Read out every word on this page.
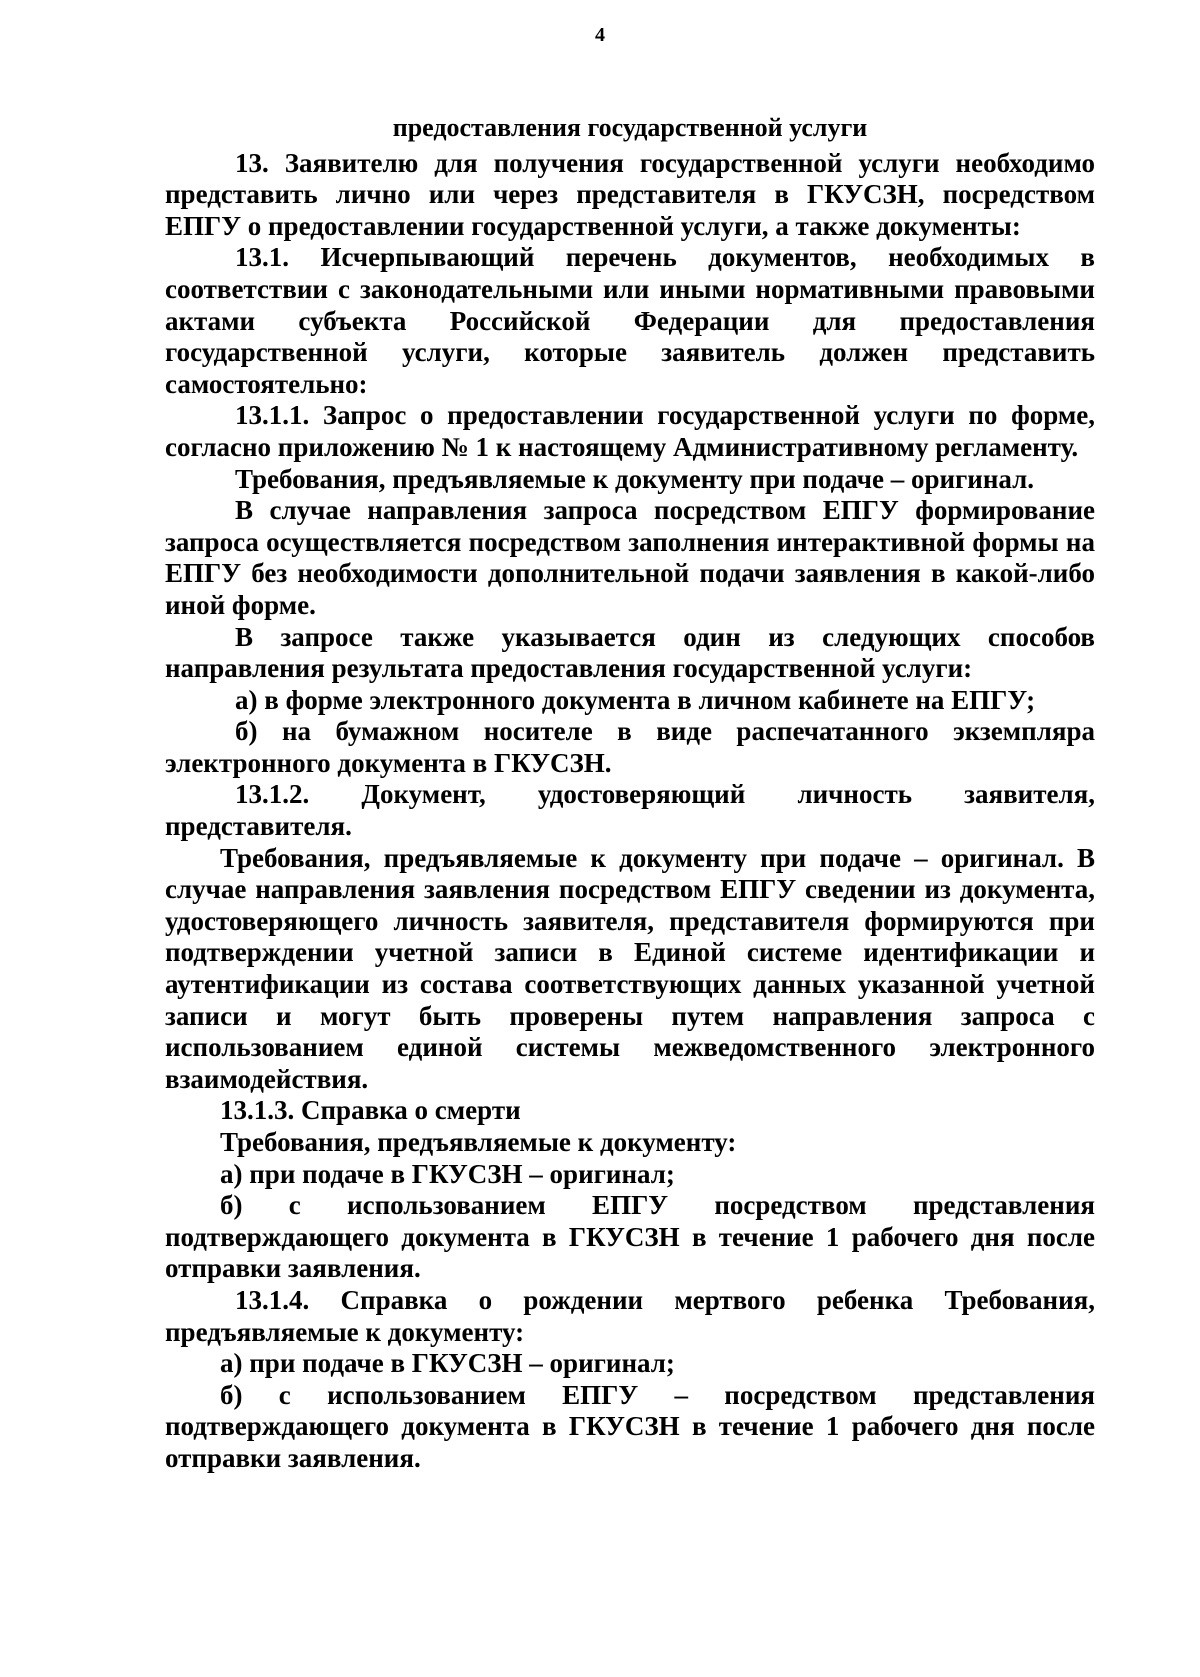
4
предоставления государственной услуги

13. Заявителю для получения государственной услуги необходимо представить лично или через представителя в ГКУСЗН, посредством ЕПГУ о предоставлении государственной услуги, а также документы:

13.1. Исчерпывающий перечень документов, необходимых в соответствии с законодательными или иными нормативными правовыми актами субъекта Российской Федерации для предоставления государственной услуги, которые заявитель должен представить самостоятельно:

13.1.1. Запрос о предоставлении государственной услуги по форме, согласно приложению № 1 к настоящему Административному регламенту.

Требования, предъявляемые к документу при подаче – оригинал.

В случае направления запроса посредством ЕПГУ формирование запроса осуществляется посредством заполнения интерактивной формы на ЕПГУ без необходимости дополнительной подачи заявления в какой-либо иной форме.

В запросе также указывается один из следующих способов направления результата предоставления государственной услуги:

а) в форме электронного документа в личном кабинете на ЕПГУ;

б) на бумажном носителе в виде распечатанного экземпляра электронного документа в ГКУСЗН.

13.1.2. Документ, удостоверяющий личность заявителя, представителя.

Требования, предъявляемые к документу при подаче – оригинал. В случае направления заявления посредством ЕПГУ сведении из документа, удостоверяющего личность заявителя, представителя формируются при подтверждении учетной записи в Единой системе идентификации и аутентификации из состава соответствующих данных указанной учетной записи и могут быть проверены путем направления запроса с использованием единой системы межведомственного электронного взаимодействия.

13.1.3. Справка о смерти

Требования, предъявляемые к документу:

а) при подаче в ГКУСЗН – оригинал;

б) с использованием ЕПГУ посредством представления подтверждающего документа в ГКУСЗН в течение 1 рабочего дня после отправки заявления.

13.1.4. Справка о рождении мертвого ребенка Требования, предъявляемые к документу:

а) при подаче в ГКУСЗН – оригинал;

б) с использованием ЕПГУ – посредством представления подтверждающего документа в ГКУСЗН в течение 1 рабочего дня после отправки заявления.
